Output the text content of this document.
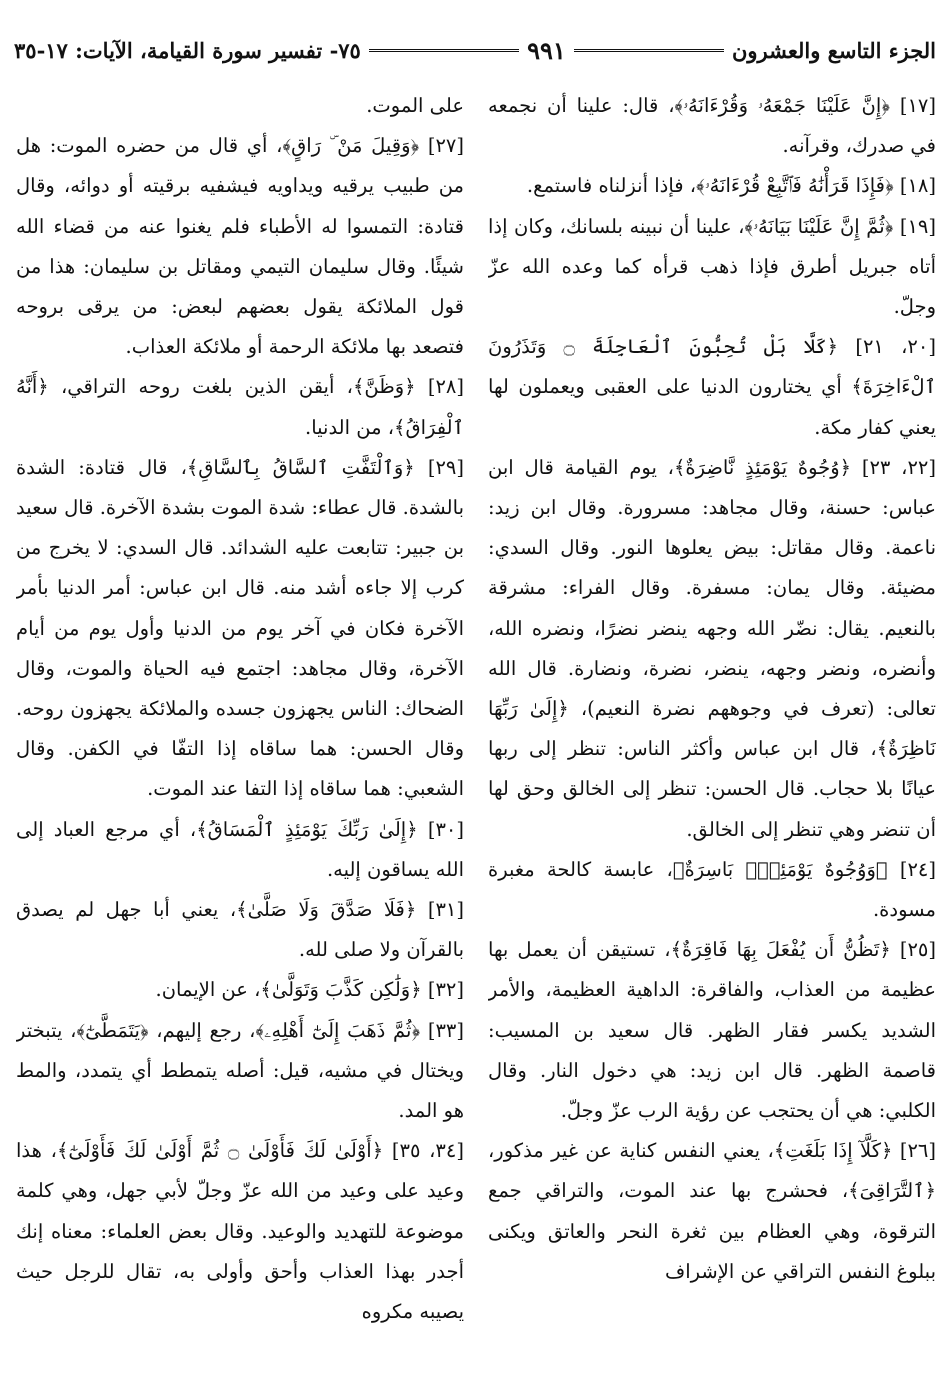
الجزء التاسع والعشرون
٩٩١
٧٥- تفسير سورة القيامة، الآيات: ١٧-٣٥

[١٧] ﴿إِنَّ عَلَيْنَا جَمْعَهُۥ وَقُرْءَانَهُۥ﴾، قال: علينا أن نجمعه في صدرك، وقرآنه.

[١٨] ﴿فَإِذَا قَرَأْنَٰهُ فَٱتَّبِعْ قُرْءَانَهُۥ﴾، فإذا أنزلناه فاستمع.

[١٩] ﴿ثُمَّ إِنَّ عَلَيْنَا بَيَانَهُۥ﴾، علينا أن نبينه بلسانك، وكان إذا أتاه جبريل أطرق فإذا ذهب قرأه كما وعده الله عزّ وجلّ.

[٢٠، ٢١] ﴿كَلَّا بَلْ تُحِبُّونَ ٱلْعَاجِلَةَ ۝ وَتَذَرُونَ ٱلْءَاخِرَةَ﴾ أي يختارون الدنيا على العقبى ويعملون لها يعني كفار مكة.

[٢٢، ٢٣] ﴿وُجُوهٌ يَوْمَئِذٍ نَّاضِرَةٌ﴾، يوم القيامة قال ابن عباس: حسنة، وقال مجاهد: مسرورة. وقال ابن زيد: ناعمة. وقال مقاتل: بيض يعلوها النور. وقال السدي: مضيئة. وقال يمان: مسفرة. وقال الفراء: مشرقة بالنعيم. يقال: نضّر الله وجهه ينضر نضرًا، ونضره الله، وأنضره، ونضر وجهه، ينضر، نضرة، ونضارة. قال الله تعالى: (تعرف في وجوههم نضرة النعيم)، ﴿إِلَىٰ رَبِّهَا نَاظِرَةٌ﴾، قال ابن عباس وأكثر الناس: تنظر إلى ربها عيانًا بلا حجاب. قال الحسن: تنظر إلى الخالق وحق لها أن تنضر وهي تنظر إلى الخالق.

[٢٤] ﴿وَوُجُوهٌ يَوْمَئِذٍۭ بَاسِرَةٌ﴾، عابسة كالحة مغبرة مسودة.

[٢٥] ﴿تَظُنُّ أَن يُفْعَلَ بِهَا فَاقِرَةٌ﴾، تستيقن أن يعمل بها عظيمة من العذاب، والفاقرة: الداهية العظيمة، والأمر الشديد يكسر فقار الظهر. قال سعيد بن المسيب: قاصمة الظهر. قال ابن زيد: هي دخول النار. وقال الكلبي: هي أن يحتجب عن رؤية الرب عزّ وجلّ.

[٢٦] ﴿كَلَّآ إِذَا بَلَغَتِ﴾، يعني النفس كناية عن غير مذكور، ﴿ٱلتَّرَاقِىَ﴾، فحشرج بها عند الموت، والتراقي جمع الترقوة، وهي العظام بين ثغرة النحر والعاتق ويكنى ببلوغ النفس التراقي عن الإشراف

على الموت.

[٢٧] ﴿وَقِيلَ مَنْ ۜ رَاقٍ﴾، أي قال من حضره الموت: هل من طبيب يرقيه ويداويه فيشفيه برقيته أو دوائه، وقال قتادة: التمسوا له الأطباء فلم يغنوا عنه من قضاء الله شيئًا. وقال سليمان التيمي ومقاتل بن سليمان: هذا من قول الملائكة يقول بعضهم لبعض: من يرقى بروحه فتصعد بها ملائكة الرحمة أو ملائكة العذاب.

[٢٨] ﴿وَظَنَّ﴾، أيقن الذين بلغت روحه التراقي، ﴿أَنَّهُ ٱلْفِرَاقُ﴾، من الدنيا.

[٢٩] ﴿وَٱلْتَفَّتِ ٱلسَّاقُ بِٱلسَّاقِ﴾، قال قتادة: الشدة بالشدة. قال عطاء: شدة الموت بشدة الآخرة. قال سعيد بن جبير: تتابعت عليه الشدائد. قال السدي: لا يخرج من كرب إلا جاءه أشد منه. قال ابن عباس: أمر الدنيا بأمر الآخرة فكان في آخر يوم من الدنيا وأول يوم من أيام الآخرة، وقال مجاهد: اجتمع فيه الحياة والموت، وقال الضحاك: الناس يجهزون جسده والملائكة يجهزون روحه. وقال الحسن: هما ساقاه إذا التفّا في الكفن. وقال الشعبي: هما ساقاه إذا التفا عند الموت.

[٣٠] ﴿إِلَىٰ رَبِّكَ يَوْمَئِذٍ ٱلْمَسَاقُ﴾، أي مرجع العباد إلى الله يساقون إليه.

[٣١] ﴿فَلَا صَدَّقَ وَلَا صَلَّىٰ﴾، يعني أبا جهل لم يصدق بالقرآن ولا صلى لله.

[٣٢] ﴿وَلَٰكِن كَذَّبَ وَتَوَلَّىٰ﴾، عن الإيمان.

[٣٣] ﴿ثُمَّ ذَهَبَ إِلَىٰٓ أَهْلِهِۦ﴾، رجع إليهم، ﴿يَتَمَطَّىٰٓ﴾، يتبختر ويختال في مشيه، قيل: أصله يتمطط أي يتمدد، والمط هو المد.

[٣٤، ٣٥] ﴿أَوْلَىٰ لَكَ فَأَوْلَىٰ ۝ ثُمَّ أَوْلَىٰ لَكَ فَأَوْلَىٰٓ﴾، هذا وعيد على وعيد من الله عزّ وجلّ لأبي جهل، وهي كلمة موضوعة للتهديد والوعيد. وقال بعض العلماء: معناه إنك أجدر بهذا العذاب وأحق وأولى به، تقال للرجل حيث يصيبه مكروه
